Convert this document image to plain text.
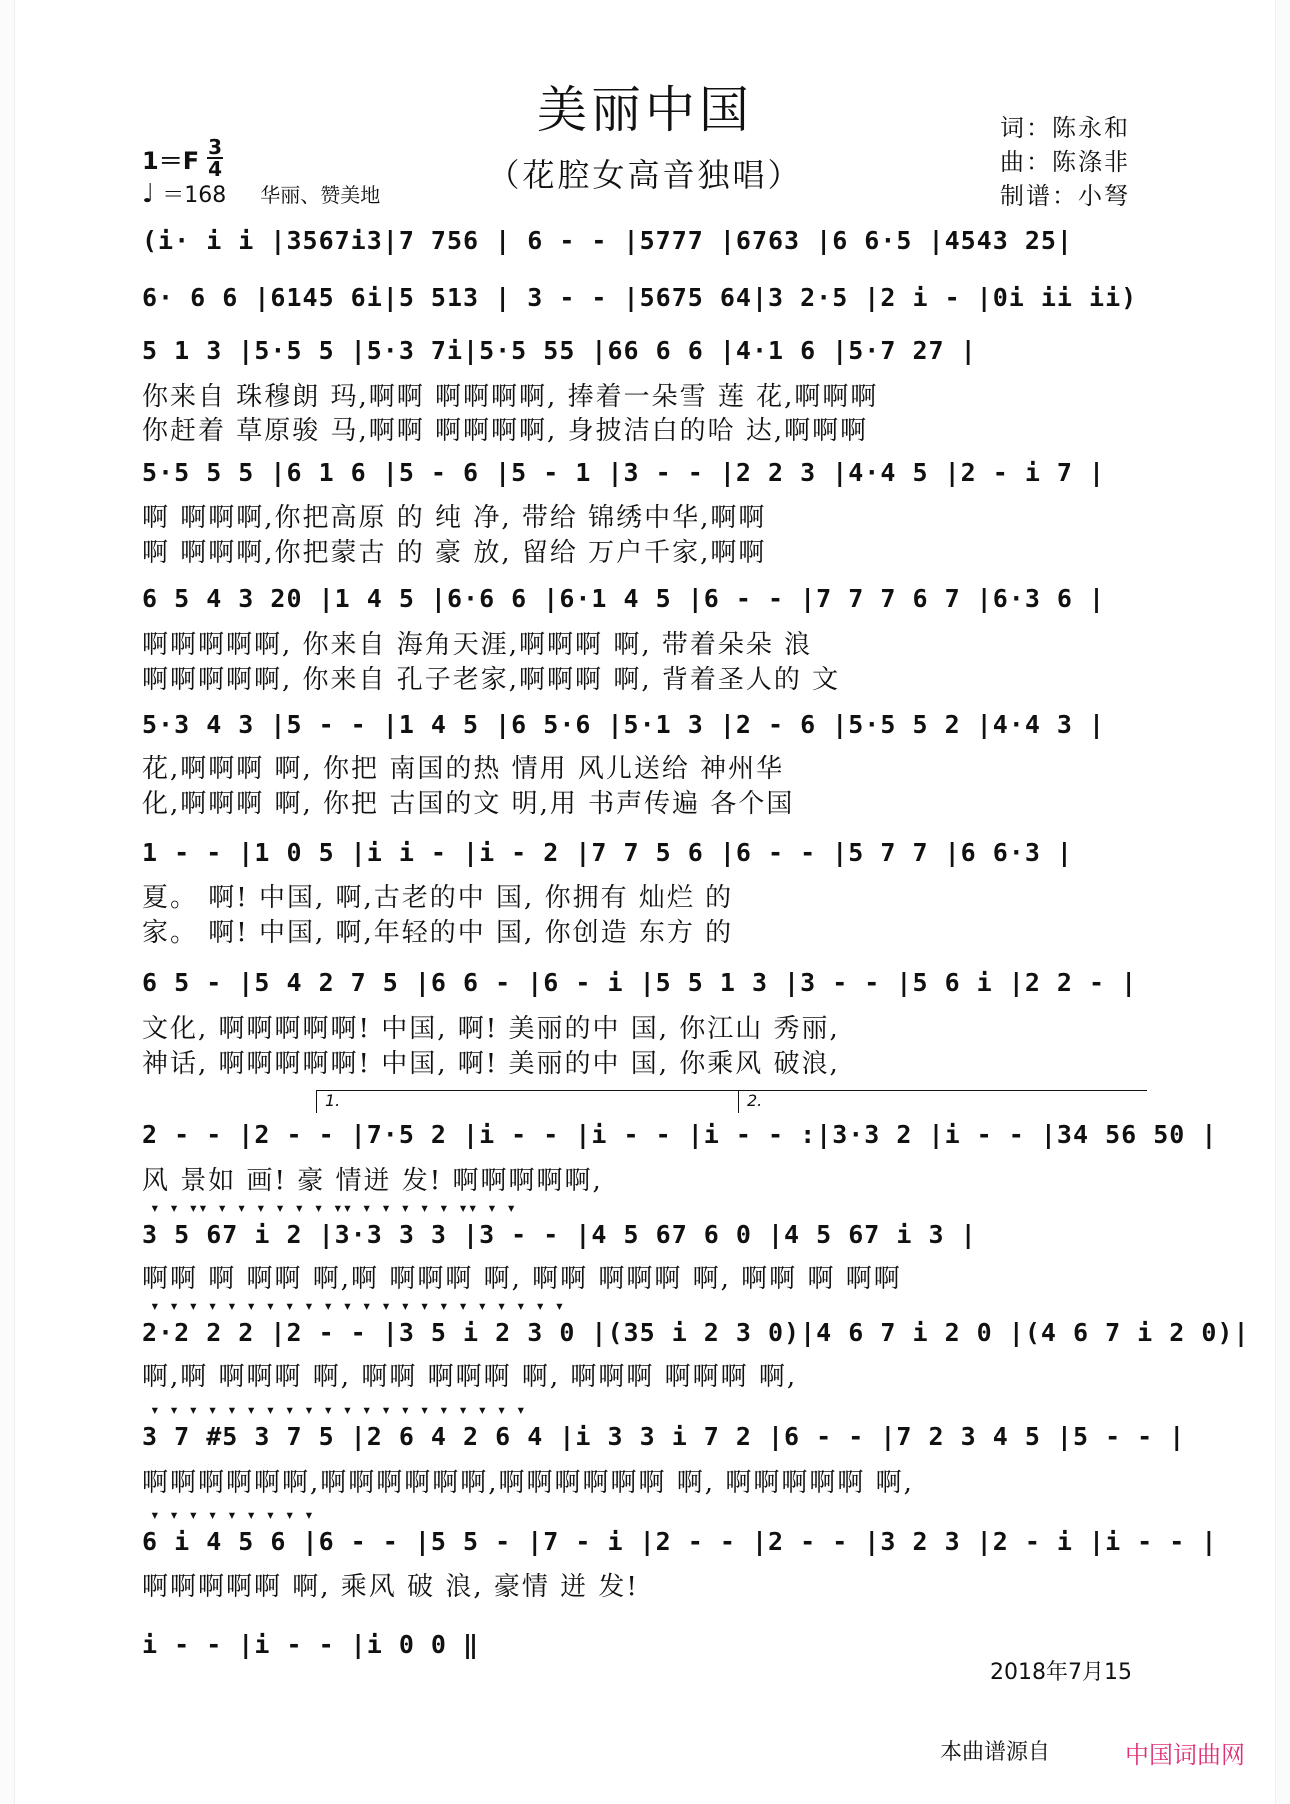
美丽中国
（花腔女高音独唱）
词：陈永和
曲：陈涤非
制谱：小弩
1＝F 3
4
♩ ＝168 华丽、赞美地
(i· i i |3567i3|7 756 | 6 - - |5777 |6763 |6 6·5 |4543 25|
6· 6 6 |6145 6i|5 513 | 3 - - |5675 64|3 2·5 |2 i - |0i ii ii)
5 1 3 |5·5 5 |5·3 7i|5·5 55 |66 6 6 |4·1 6 |5·7 27 |
你来自 珠穆朗 玛,啊啊 啊啊啊啊, 捧着一朵雪 莲 花,啊啊啊
你赶着 草原骏 马,啊啊 啊啊啊啊, 身披洁白的哈 达,啊啊啊
5·5 5 5 |6 1 6 |5 - 6 |5 - 1 |3 - - |2 2 3 |4·4 5 |2 - i 7 |
啊 啊啊啊,你把高原 的 纯 净, 带给 锦绣中华,啊啊
啊 啊啊啊,你把蒙古 的 豪 放, 留给 万户千家,啊啊
6 5 4 3 20 |1 4 5 |6·6 6 |6·1 4 5 |6 - - |7 7 7 6 7 |6·3 6 |
啊啊啊啊啊, 你来自 海角天涯,啊啊啊 啊, 带着朵朵 浪
啊啊啊啊啊, 你来自 孔子老家,啊啊啊 啊, 背着圣人的 文
5·3 4 3 |5 - - |1 4 5 |6 5·6 |5·1 3 |2 - 6 |5·5 5 2 |4·4 3 |
花,啊啊啊 啊, 你把 南国的热 情用 风儿送给 神州华
化,啊啊啊 啊, 你把 古国的文 明,用 书声传遍 各个国
1 - - |1 0 5 |i i - |i - 2 |7 7 5 6 |6 - - |5 7 7 |6 6·3 |
夏。 啊! 中国, 啊,古老的中 国, 你拥有 灿烂 的
家。 啊! 中国, 啊,年轻的中 国, 你创造 东方 的
6 5 - |5 4 2 7 5 |6 6 - |6 - i |5 5 1 3 |3 - - |5 6 i |2 2 - |
文化, 啊啊啊啊啊! 中国, 啊! 美丽的中 国, 你江山 秀丽,
神话, 啊啊啊啊啊! 中国, 啊! 美丽的中 国, 你乘风 破浪,
1.	2.
2 - - |2 - - |7·5 2 |i - - |i - - |i - - :|3·3 2 |i - - |34 56 50 |
风 景如 画! 豪 情迸 发! 啊啊啊啊啊,
▾ ▾ ▾▾ ▾ ▾ ▾ ▾ ▾ ▾ ▾▾ ▾ ▾ ▾ ▾ ▾ ▾▾ ▾ ▾
3 5 67 i 2 |3·3 3 3 |3 - - |4 5 67 6 0 |4 5 67 i 3 |
啊啊 啊 啊啊 啊,啊 啊啊啊 啊, 啊啊 啊啊啊 啊, 啊啊 啊 啊啊
▾ ▾ ▾ ▾ ▾ ▾ ▾ ▾ ▾ ▾ ▾ ▾ ▾ ▾ ▾ ▾ ▾ ▾ ▾ ▾ ▾ ▾
2·2 2 2 |2 - - |3 5 i 2 3 0 |(35 i 2 3 0)|4 6 7 i 2 0 |(4 6 7 i 2 0)|
啊,啊 啊啊啊 啊, 啊啊 啊啊啊 啊, 啊啊啊 啊啊啊 啊,
▾ ▾ ▾ ▾ ▾ ▾ ▾ ▾ ▾ ▾ ▾ ▾ ▾ ▾ ▾ ▾ ▾ ▾ ▾ ▾
3 7 #5 3 7 5 |2 6 4 2 6 4 |i 3 3 i 7 2 |6 - - |7 2 3 4 5 |5 - - |
啊啊啊啊啊啊,啊啊啊啊啊啊,啊啊啊啊啊啊 啊, 啊啊啊啊啊 啊,
▾ ▾ ▾ ▾ ▾ ▾ ▾ ▾ ▾
6 i 4 5 6 |6 - - |5 5 - |7 - i |2 - - |2 - - |3 2 3 |2 - i |i - - |
啊啊啊啊啊 啊, 乘风 破 浪, 豪情 迸 发!
i - - |i - - |i 0 0 ‖
2018年7月15
本曲谱源自	中国词曲网
